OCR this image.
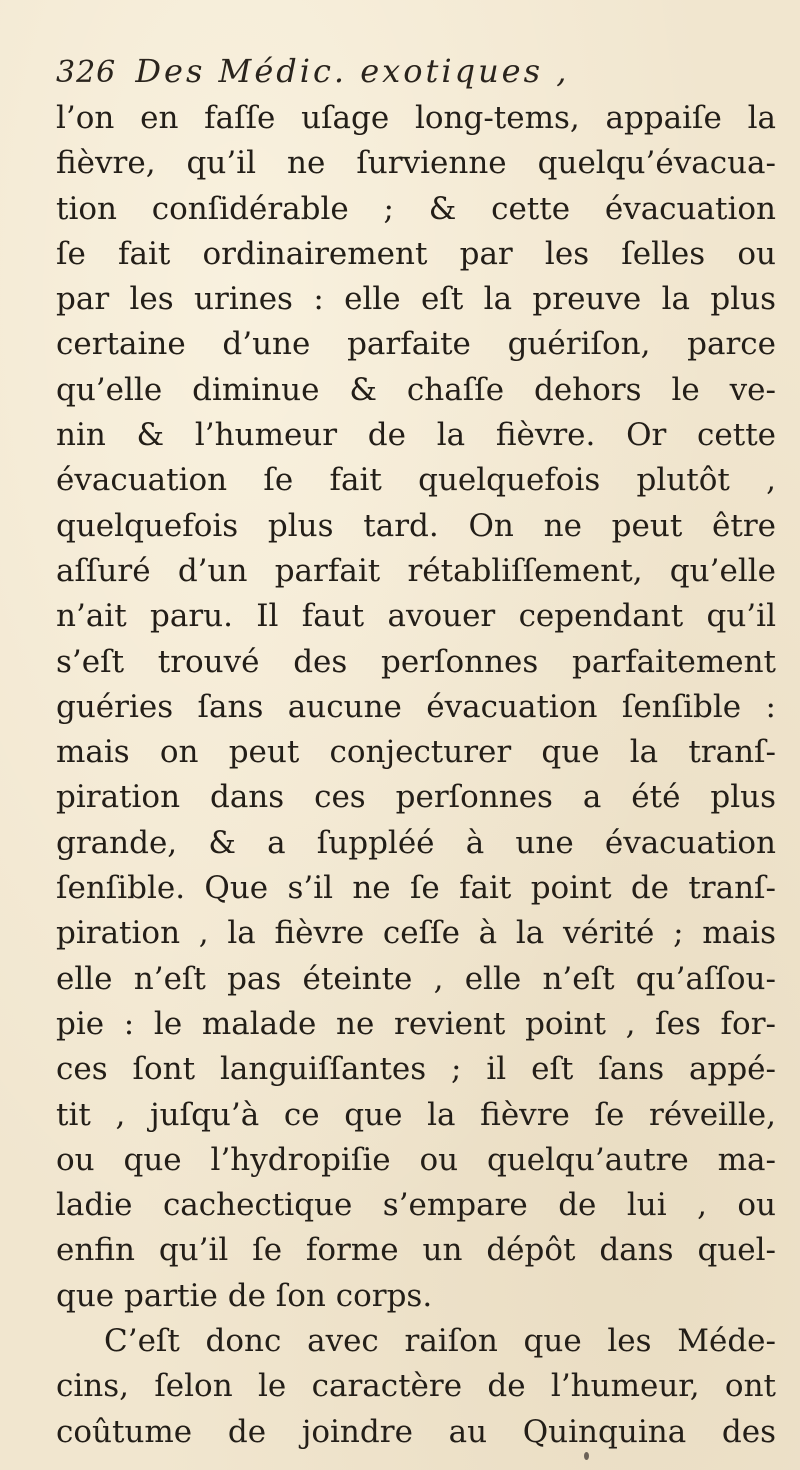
326 Des Médic. exotiques ,
l’on en faſſe uſage long-tems, appaiſe la
fièvre, qu’il ne ſurvienne quelqu’évacua-
tion conſidérable ; & cette évacuation
ſe fait ordinairement par les ſelles ou
par les urines : elle eſt la preuve la plus
certaine d’une parfaite guériſon, parce
qu’elle diminue & chaſſe dehors le ve-
nin & l’humeur de la fièvre. Or cette
évacuation ſe fait quelquefois plutôt ,
quelquefois plus tard. On ne peut être
aſſuré d’un parfait rétabliſſement, qu’elle
n’ait paru. Il faut avouer cependant qu’il
s’eſt trouvé des perſonnes parfaitement
guéries ſans aucune évacuation ſenſible :
mais on peut conjecturer que la tranſ-
piration dans ces perſonnes a été plus
grande, & a ſuppléé à une évacuation
ſenſible. Que s’il ne ſe fait point de tranſ-
piration , la fièvre ceſſe à la vérité ; mais
elle n’eſt pas éteinte , elle n’eſt qu’aſſou-
pie : le malade ne revient point , ſes for-
ces ſont languiſſantes ; il eſt ſans appé-
tit , juſqu’à ce que la fièvre ſe réveille,
ou que l’hydropiſie ou quelqu’autre ma-
ladie cachectique s’empare de lui , ou
enfin qu’il ſe forme un dépôt dans quel-
que partie de ſon corps.
C’eſt donc avec raiſon que les Méde-
cins, ſelon le caractère de l’humeur, ont
coûtume de joindre au Quinquina des
